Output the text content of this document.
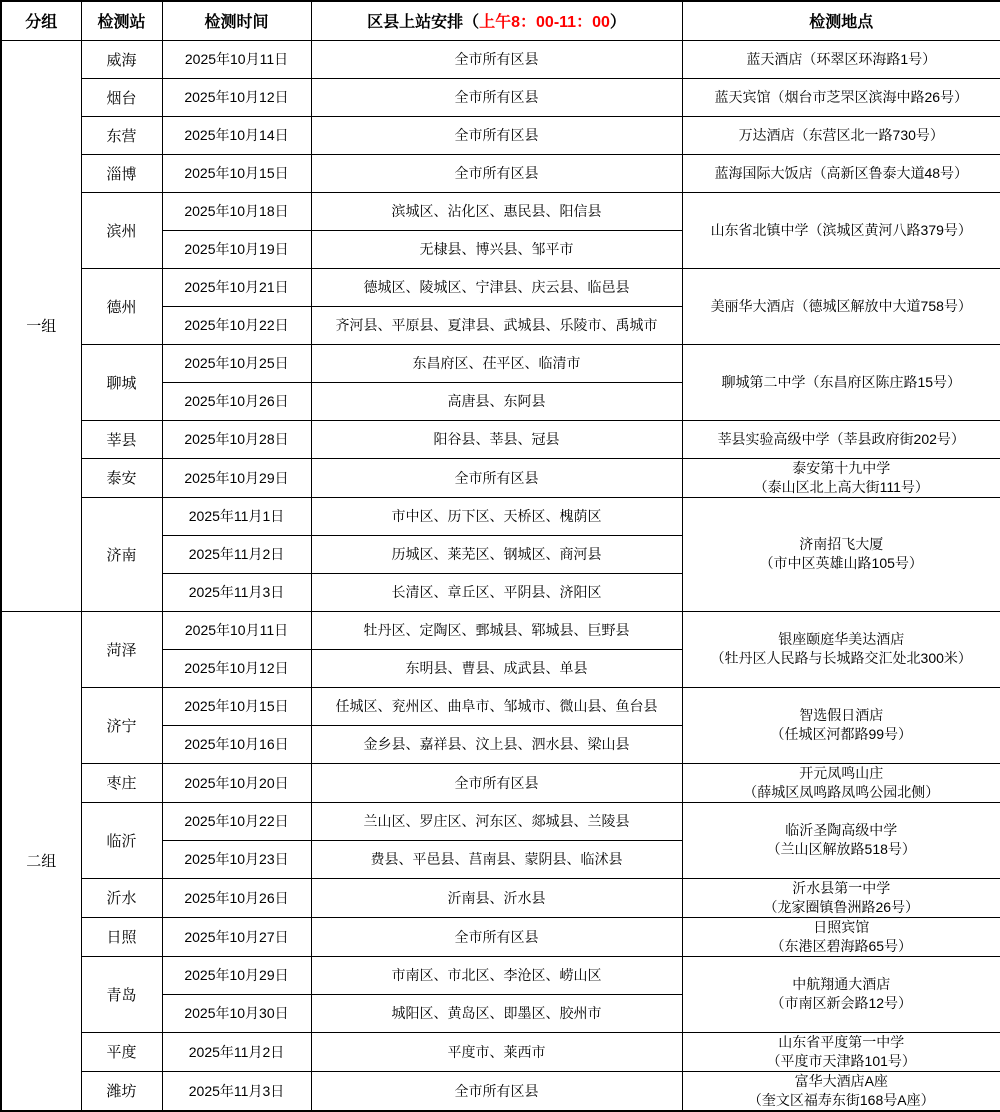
分组	检测站	检测时间	区县上站安排（上午8：00-11：00）	检测地点
一组	威海	2025年10月11日	全市所有区县	蓝天酒店（环翠区环海路1号）

	烟台	2025年10月12日	全市所有区县	蓝天宾馆（烟台市芝罘区滨海中路26号）

	东营	2025年10月14日	全市所有区县	万达酒店（东营区北一路730号）

	淄博	2025年10月15日	全市所有区县	蓝海国际大饭店（高新区鲁泰大道48号）

	滨州	2025年10月18日	滨城区、沾化区、惠民县、阳信县	山东省北镇中学（滨城区黄河八路379号）

		2025年10月19日	无棣县、博兴县、邹平市	
	德州	2025年10月21日	德城区、陵城区、宁津县、庆云县、临邑县	美丽华大酒店（德城区解放中大道758号）

		2025年10月22日	齐河县、平原县、夏津县、武城县、乐陵市、禹城市	
	聊城	2025年10月25日	东昌府区、茌平区、临清市	聊城第二中学（东昌府区陈庄路15号）

		2025年10月26日	高唐县、东阿县	
	莘县	2025年10月28日	阳谷县、莘县、冠县	莘县实验高级中学（莘县政府街202号）

	泰安	2025年10月29日	全市所有区县	泰安第十九中学
（泰山区北上高大街111号）

	济南	2025年11月1日	市中区、历下区、天桥区、槐荫区	济南招飞大厦
（市中区英雄山路105号）

		2025年11月2日	历城区、莱芜区、钢城区、商河县	
		2025年11月3日	长清区、章丘区、平阴县、济阳区	
二组	菏泽	2025年10月11日	牡丹区、定陶区、鄄城县、郓城县、巨野县	银座颐庭华美达酒店
（牡丹区人民路与长城路交汇处北300米）

		2025年10月12日	东明县、曹县、成武县、单县	
	济宁	2025年10月15日	任城区、兖州区、曲阜市、邹城市、微山县、鱼台县	智选假日酒店
（任城区河都路99号）

		2025年10月16日	金乡县、嘉祥县、汶上县、泗水县、梁山县	
	枣庄	2025年10月20日	全市所有区县	开元凤鸣山庄
（薛城区凤鸣路凤鸣公园北侧）

	临沂	2025年10月22日	兰山区、罗庄区、河东区、郯城县、兰陵县	临沂圣陶高级中学
（兰山区解放路518号）

		2025年10月23日	费县、平邑县、莒南县、蒙阴县、临沭县	
	沂水	2025年10月26日	沂南县、沂水县	沂水县第一中学
（龙家圈镇鲁洲路26号）

	日照	2025年10月27日	全市所有区县	日照宾馆
（东港区碧海路65号）

	青岛	2025年10月29日	市南区、市北区、李沧区、崂山区	中航翔通大酒店
（市南区新会路12号）

		2025年10月30日	城阳区、黄岛区、即墨区、胶州市	
	平度	2025年11月2日	平度市、莱西市	山东省平度第一中学
（平度市天津路101号）

	潍坊	2025年11月3日	全市所有区县	富华大酒店A座
（奎文区福寿东街168号A座）
